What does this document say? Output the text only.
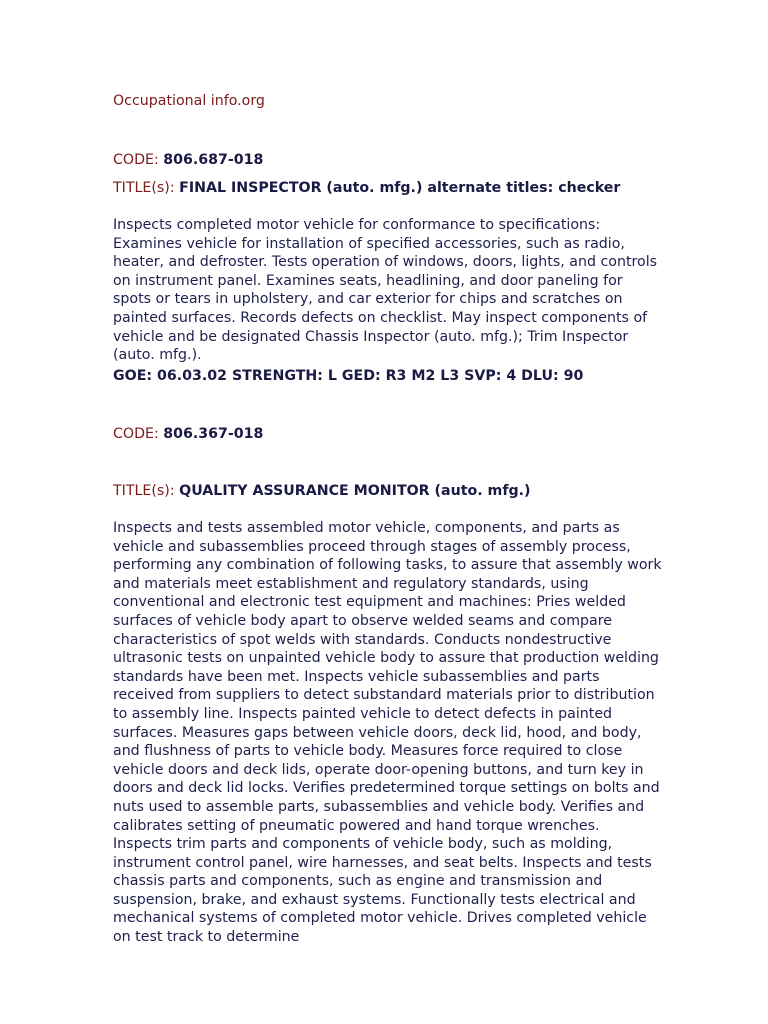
Occupational info.org
CODE: 806.687-018
TITLE(s): FINAL INSPECTOR (auto. mfg.) alternate titles: checker
Inspects completed motor vehicle for conformance to specifications: Examines vehicle for installation of specified accessories, such as radio, heater, and defroster. Tests operation of windows, doors, lights, and controls on instrument panel. Examines seats, headlining, and door paneling for spots or tears in upholstery, and car exterior for chips and scratches on painted surfaces. Records defects on checklist. May inspect components of vehicle and be designated Chassis Inspector (auto. mfg.); Trim Inspector (auto. mfg.).
GOE: 06.03.02 STRENGTH: L GED: R3 M2 L3 SVP: 4 DLU: 90
CODE: 806.367-018
TITLE(s): QUALITY ASSURANCE MONITOR (auto. mfg.)
Inspects and tests assembled motor vehicle, components, and parts as vehicle and subassemblies proceed through stages of assembly process, performing any combination of following tasks, to assure that assembly work and materials meet establishment and regulatory standards, using conventional and electronic test equipment and machines: Pries welded surfaces of vehicle body apart to observe welded seams and compare characteristics of spot welds with standards. Conducts nondestructive ultrasonic tests on unpainted vehicle body to assure that production welding standards have been met. Inspects vehicle subassemblies and parts received from suppliers to detect substandard materials prior to distribution to assembly line. Inspects painted vehicle to detect defects in painted surfaces. Measures gaps between vehicle doors, deck lid, hood, and body, and flushness of parts to vehicle body. Measures force required to close vehicle doors and deck lids, operate door-opening buttons, and turn key in doors and deck lid locks. Verifies predetermined torque settings on bolts and nuts used to assemble parts, subassemblies and vehicle body. Verifies and calibrates setting of pneumatic powered and hand torque wrenches. Inspects trim parts and components of vehicle body, such as molding, instrument control panel, wire harnesses, and seat belts. Inspects and tests chassis parts and components, such as engine and transmission and suspension, brake, and exhaust systems. Functionally tests electrical and mechanical systems of completed motor vehicle. Drives completed vehicle on test track to determine
